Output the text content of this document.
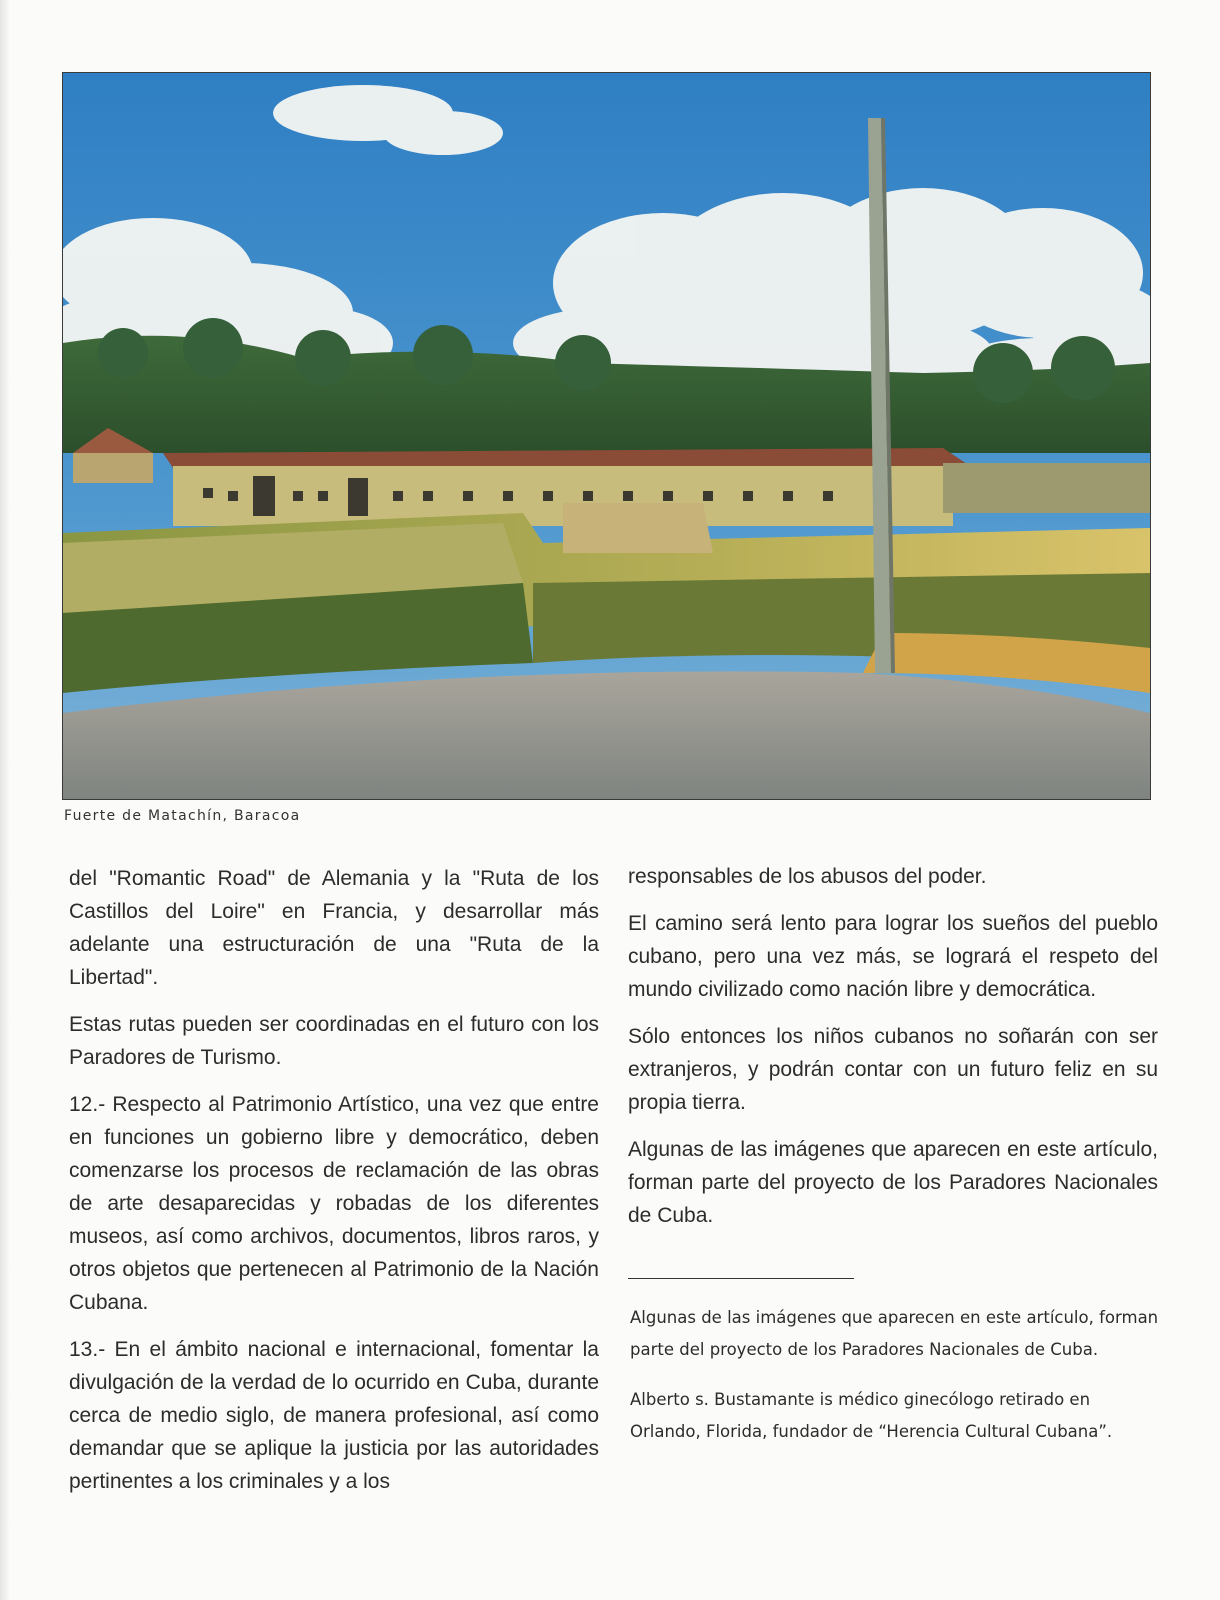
Fuerte de Matachín, Baracoa

del "Romantic Road" de Alemania y la "Ruta de los Castillos del Loire" en Francia, y desarrollar más adelante una estructuración de una "Ruta de la Libertad".

Estas rutas pueden ser coordinadas en el futuro con los Paradores de Turismo.

12.- Respecto al Patrimonio Artístico, una vez que entre en funciones un gobierno libre y democrático, deben comenzarse los procesos de reclamación de las obras de arte desaparecidas y robadas de los diferentes museos, así como archivos, documentos, libros raros, y otros objetos que pertenecen al Patrimonio de la Nación Cubana.

13.- En el ámbito nacional e internacional, fomentar la divulgación de la verdad de lo ocurrido en Cuba, durante cerca de medio siglo, de manera profesional, así como demandar que se aplique la justicia por las autoridades pertinentes a los criminales y a los

responsables de los abusos del poder.

El camino será lento para lograr los sueños del pueblo cubano, pero una vez más, se logrará el respeto del mundo civilizado como nación libre y democrática.

Sólo entonces los niños cubanos no soñarán con ser extranjeros, y podrán contar con un futuro feliz en su propia tierra.

Algunas de las imágenes que aparecen en este artículo, forman parte del proyecto de los Paradores Nacionales de Cuba.

Algunas de las imágenes que aparecen en este artículo, forman parte del proyecto de los Paradores Nacionales de Cuba.

Alberto s. Bustamante is médico ginecólogo retirado en Orlando, Florida, fundador de “Herencia Cultural Cubana”.
